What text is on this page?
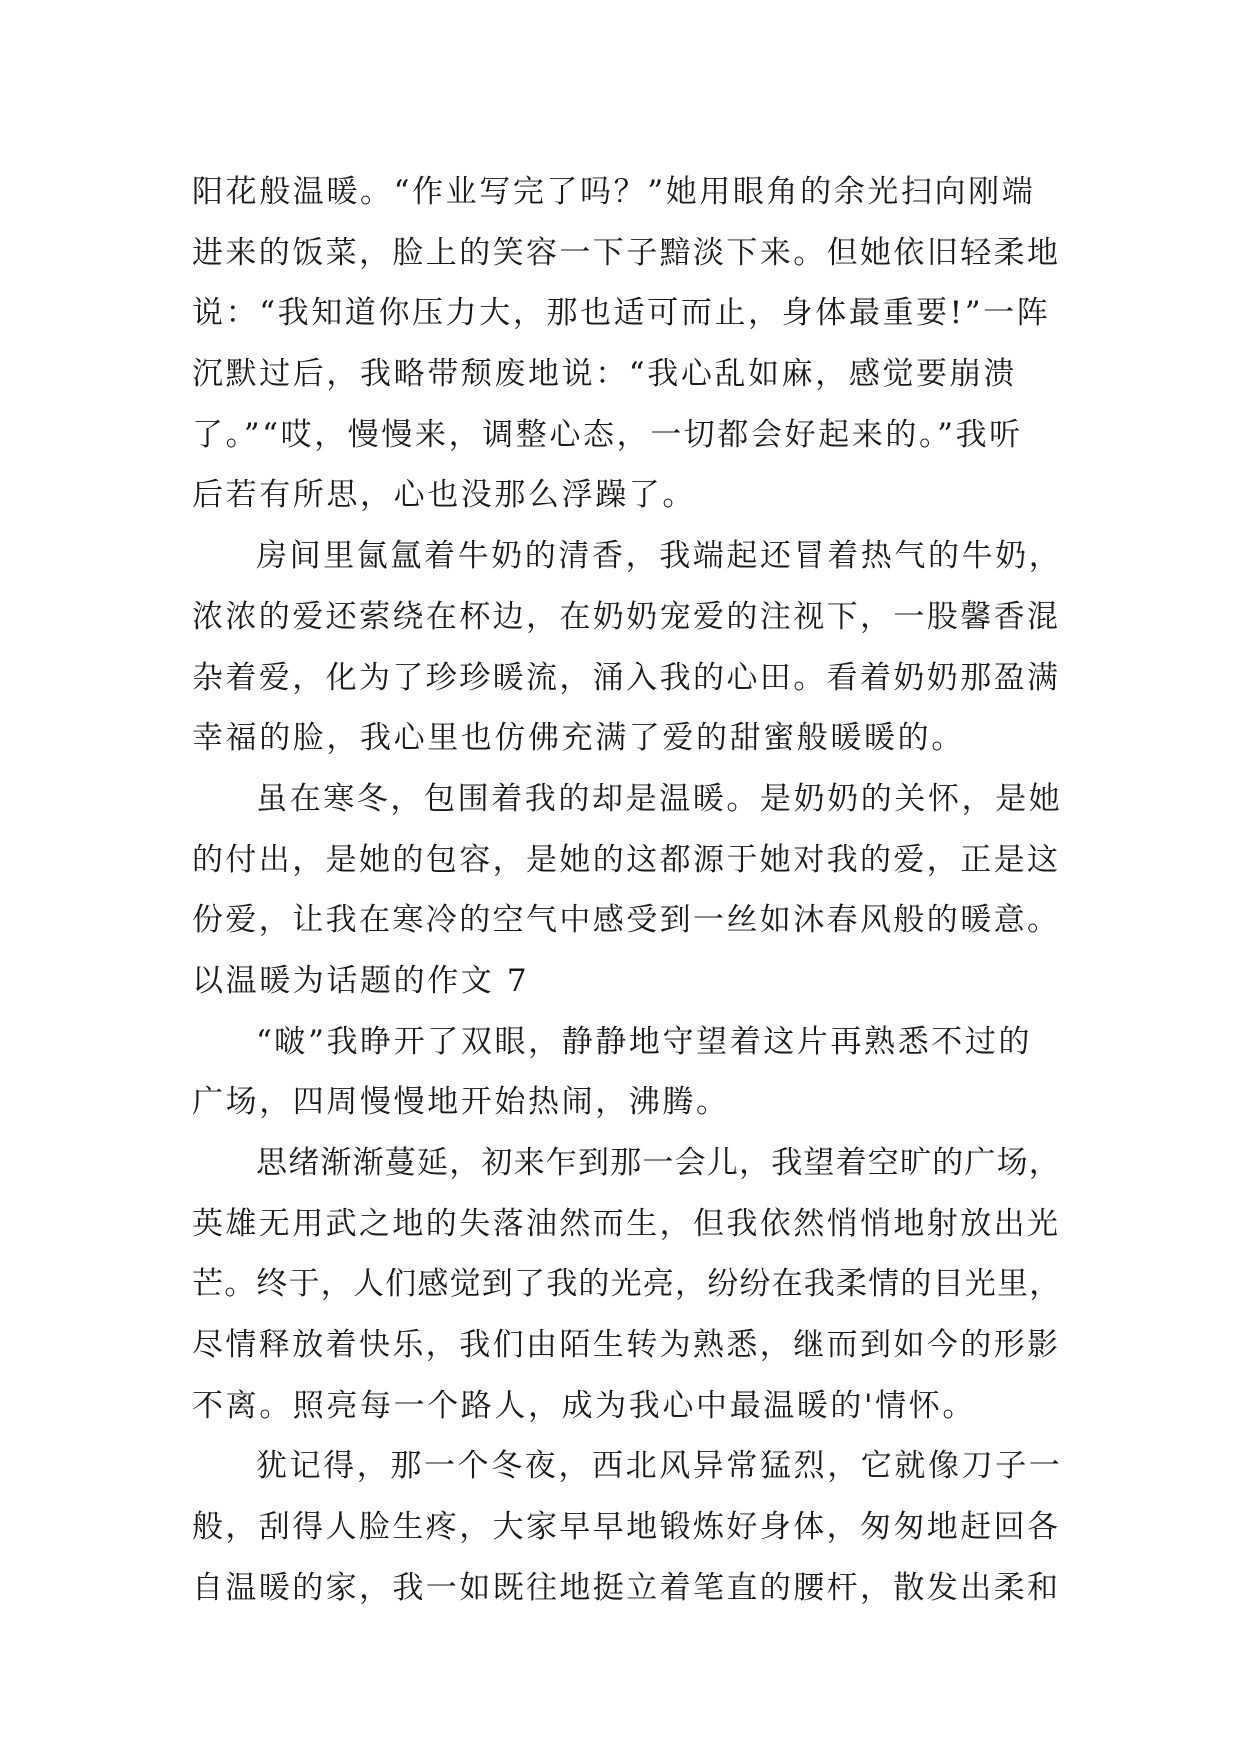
阳花般温暖。“作业写完了吗？”她用眼角的余光扫向刚端
进来的饭菜，脸上的笑容一下子黯淡下来。但她依旧轻柔地
说：“我知道你压力大，那也适可而止，身体最重要!”一阵
沉默过后，我略带颓废地说：“我心乱如麻，感觉要崩溃
了。”“哎，慢慢来，调整心态，一切都会好起来的。”我听
后若有所思，心也没那么浮躁了。
房间里氤氲着牛奶的清香，我端起还冒着热气的牛奶，
浓浓的爱还萦绕在杯边，在奶奶宠爱的注视下，一股馨香混
杂着爱，化为了珍珍暖流，涌入我的心田。看着奶奶那盈满
幸福的脸，我心里也仿佛充满了爱的甜蜜般暖暖的。
虽在寒冬，包围着我的却是温暖。是奶奶的关怀，是她
的付出，是她的包容，是她的这都源于她对我的爱，正是这
份爱，让我在寒冷的空气中感受到一丝如沐春风般的暖意。
以温暖为话题的作文 7
“啵”我睁开了双眼，静静地守望着这片再熟悉不过的
广场，四周慢慢地开始热闹，沸腾。
思绪渐渐蔓延，初来乍到那一会儿，我望着空旷的广场，
英雄无用武之地的失落油然而生，但我依然悄悄地射放出光
芒。终于，人们感觉到了我的光亮，纷纷在我柔情的目光里，
尽情释放着快乐，我们由陌生转为熟悉，继而到如今的形影
不离。照亮每一个路人，成为我心中最温暖的'情怀。
犹记得，那一个冬夜，西北风异常猛烈，它就像刀子一
般，刮得人脸生疼，大家早早地锻炼好身体，匆匆地赶回各
自温暖的家，我一如既往地挺立着笔直的腰杆，散发出柔和
